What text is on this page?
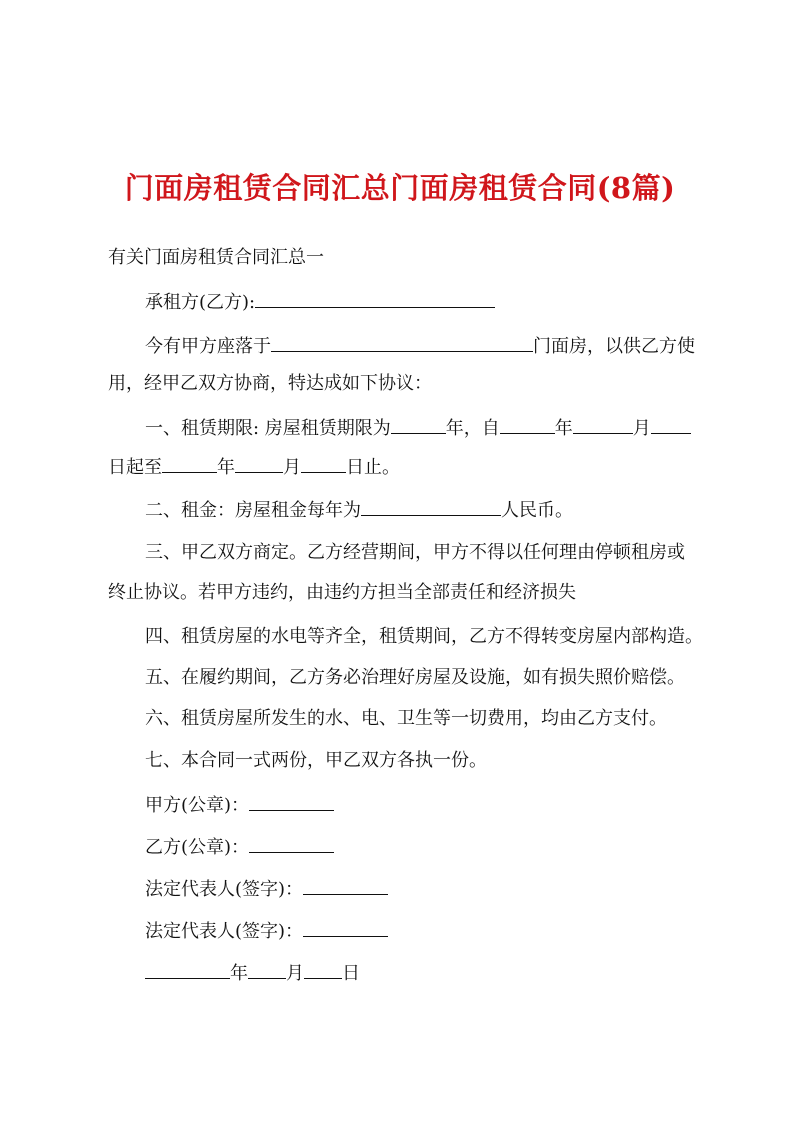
门面房租赁合同汇总门面房租赁合同(8篇)
有关门面房租赁合同汇总一
承租方(乙方):
今有甲方座落于	门面房，以供乙方使
用，经甲乙双方协商，特达成如下协议：
一、租赁期限: 房屋租赁期限为	年，自	年	月
日起至	年	月	日止。
二、租金：房屋租金每年为	人民币。
三、甲乙双方商定。乙方经营期间，甲方不得以任何理由停顿租房或
终止协议。若甲方违约，由违约方担当全部责任和经济损失
四、租赁房屋的水电等齐全，租赁期间，乙方不得转变房屋内部构造。
五、在履约期间，乙方务必治理好房屋及设施，如有损失照价赔偿。
六、租赁房屋所发生的水、电、卫生等一切费用，均由乙方支付。
七、本合同一式两份，甲乙双方各执一份。
甲方(公章)：
乙方(公章)：
法定代表人(签字)：
法定代表人(签字)：
年 月 日
